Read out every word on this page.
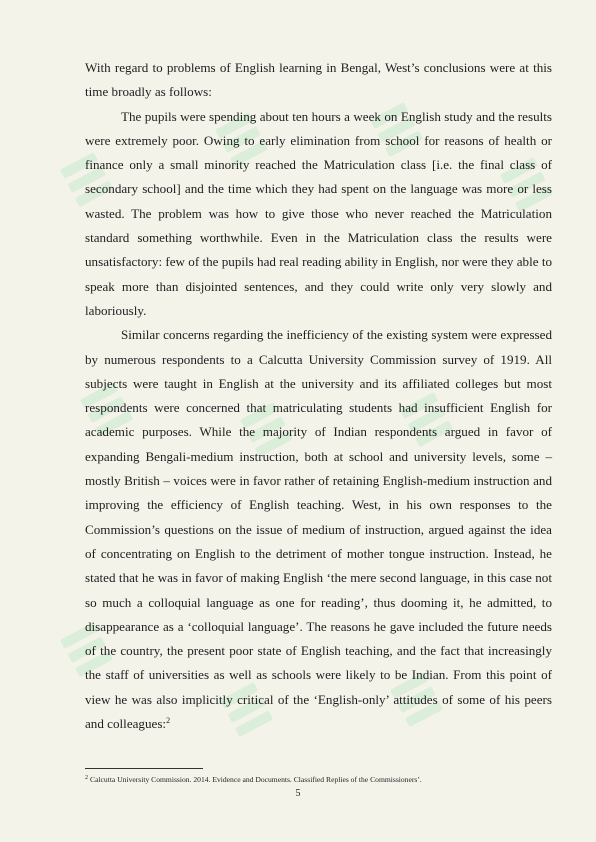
With regard to problems of English learning in Bengal, West’s conclusions were at this time broadly as follows:

The pupils were spending about ten hours a week on English study and the results were extremely poor. Owing to early elimination from school for reasons of health or finance only a small minority reached the Matriculation class [i.e. the final class of secondary school] and the time which they had spent on the language was more or less wasted. The problem was how to give those who never reached the Matriculation standard something worthwhile. Even in the Matriculation class the results were unsatisfactory: few of the pupils had real reading ability in English, nor were they able to speak more than disjointed sentences, and they could write only very slowly and laboriously.

Similar concerns regarding the inefficiency of the existing system were expressed by numerous respondents to a Calcutta University Commission survey of 1919. All subjects were taught in English at the university and its affiliated colleges but most respondents were concerned that matriculating students had insufficient English for academic purposes. While the majority of Indian respondents argued in favor of expanding Bengali-medium instruction, both at school and university levels, some – mostly British – voices were in favor rather of retaining English-medium instruction and improving the efficiency of English teaching. West, in his own responses to the Commission’s questions on the issue of medium of instruction, argued against the idea of concentrating on English to the detriment of mother tongue instruction. Instead, he stated that he was in favor of making English ‘the mere second language, in this case not so much a colloquial language as one for reading’, thus dooming it, he admitted, to disappearance as a ‘colloquial language’. The reasons he gave included the future needs of the country, the present poor state of English teaching, and the fact that increasingly the staff of universities as well as schools were likely to be Indian. From this point of view he was also implicitly critical of the ‘English-only’ attitudes of some of his peers and colleagues:$^2$

$^2$ Calcutta University Commission. 2014. Evidence and Documents. Classified Replies of the Commissioners’.
5
